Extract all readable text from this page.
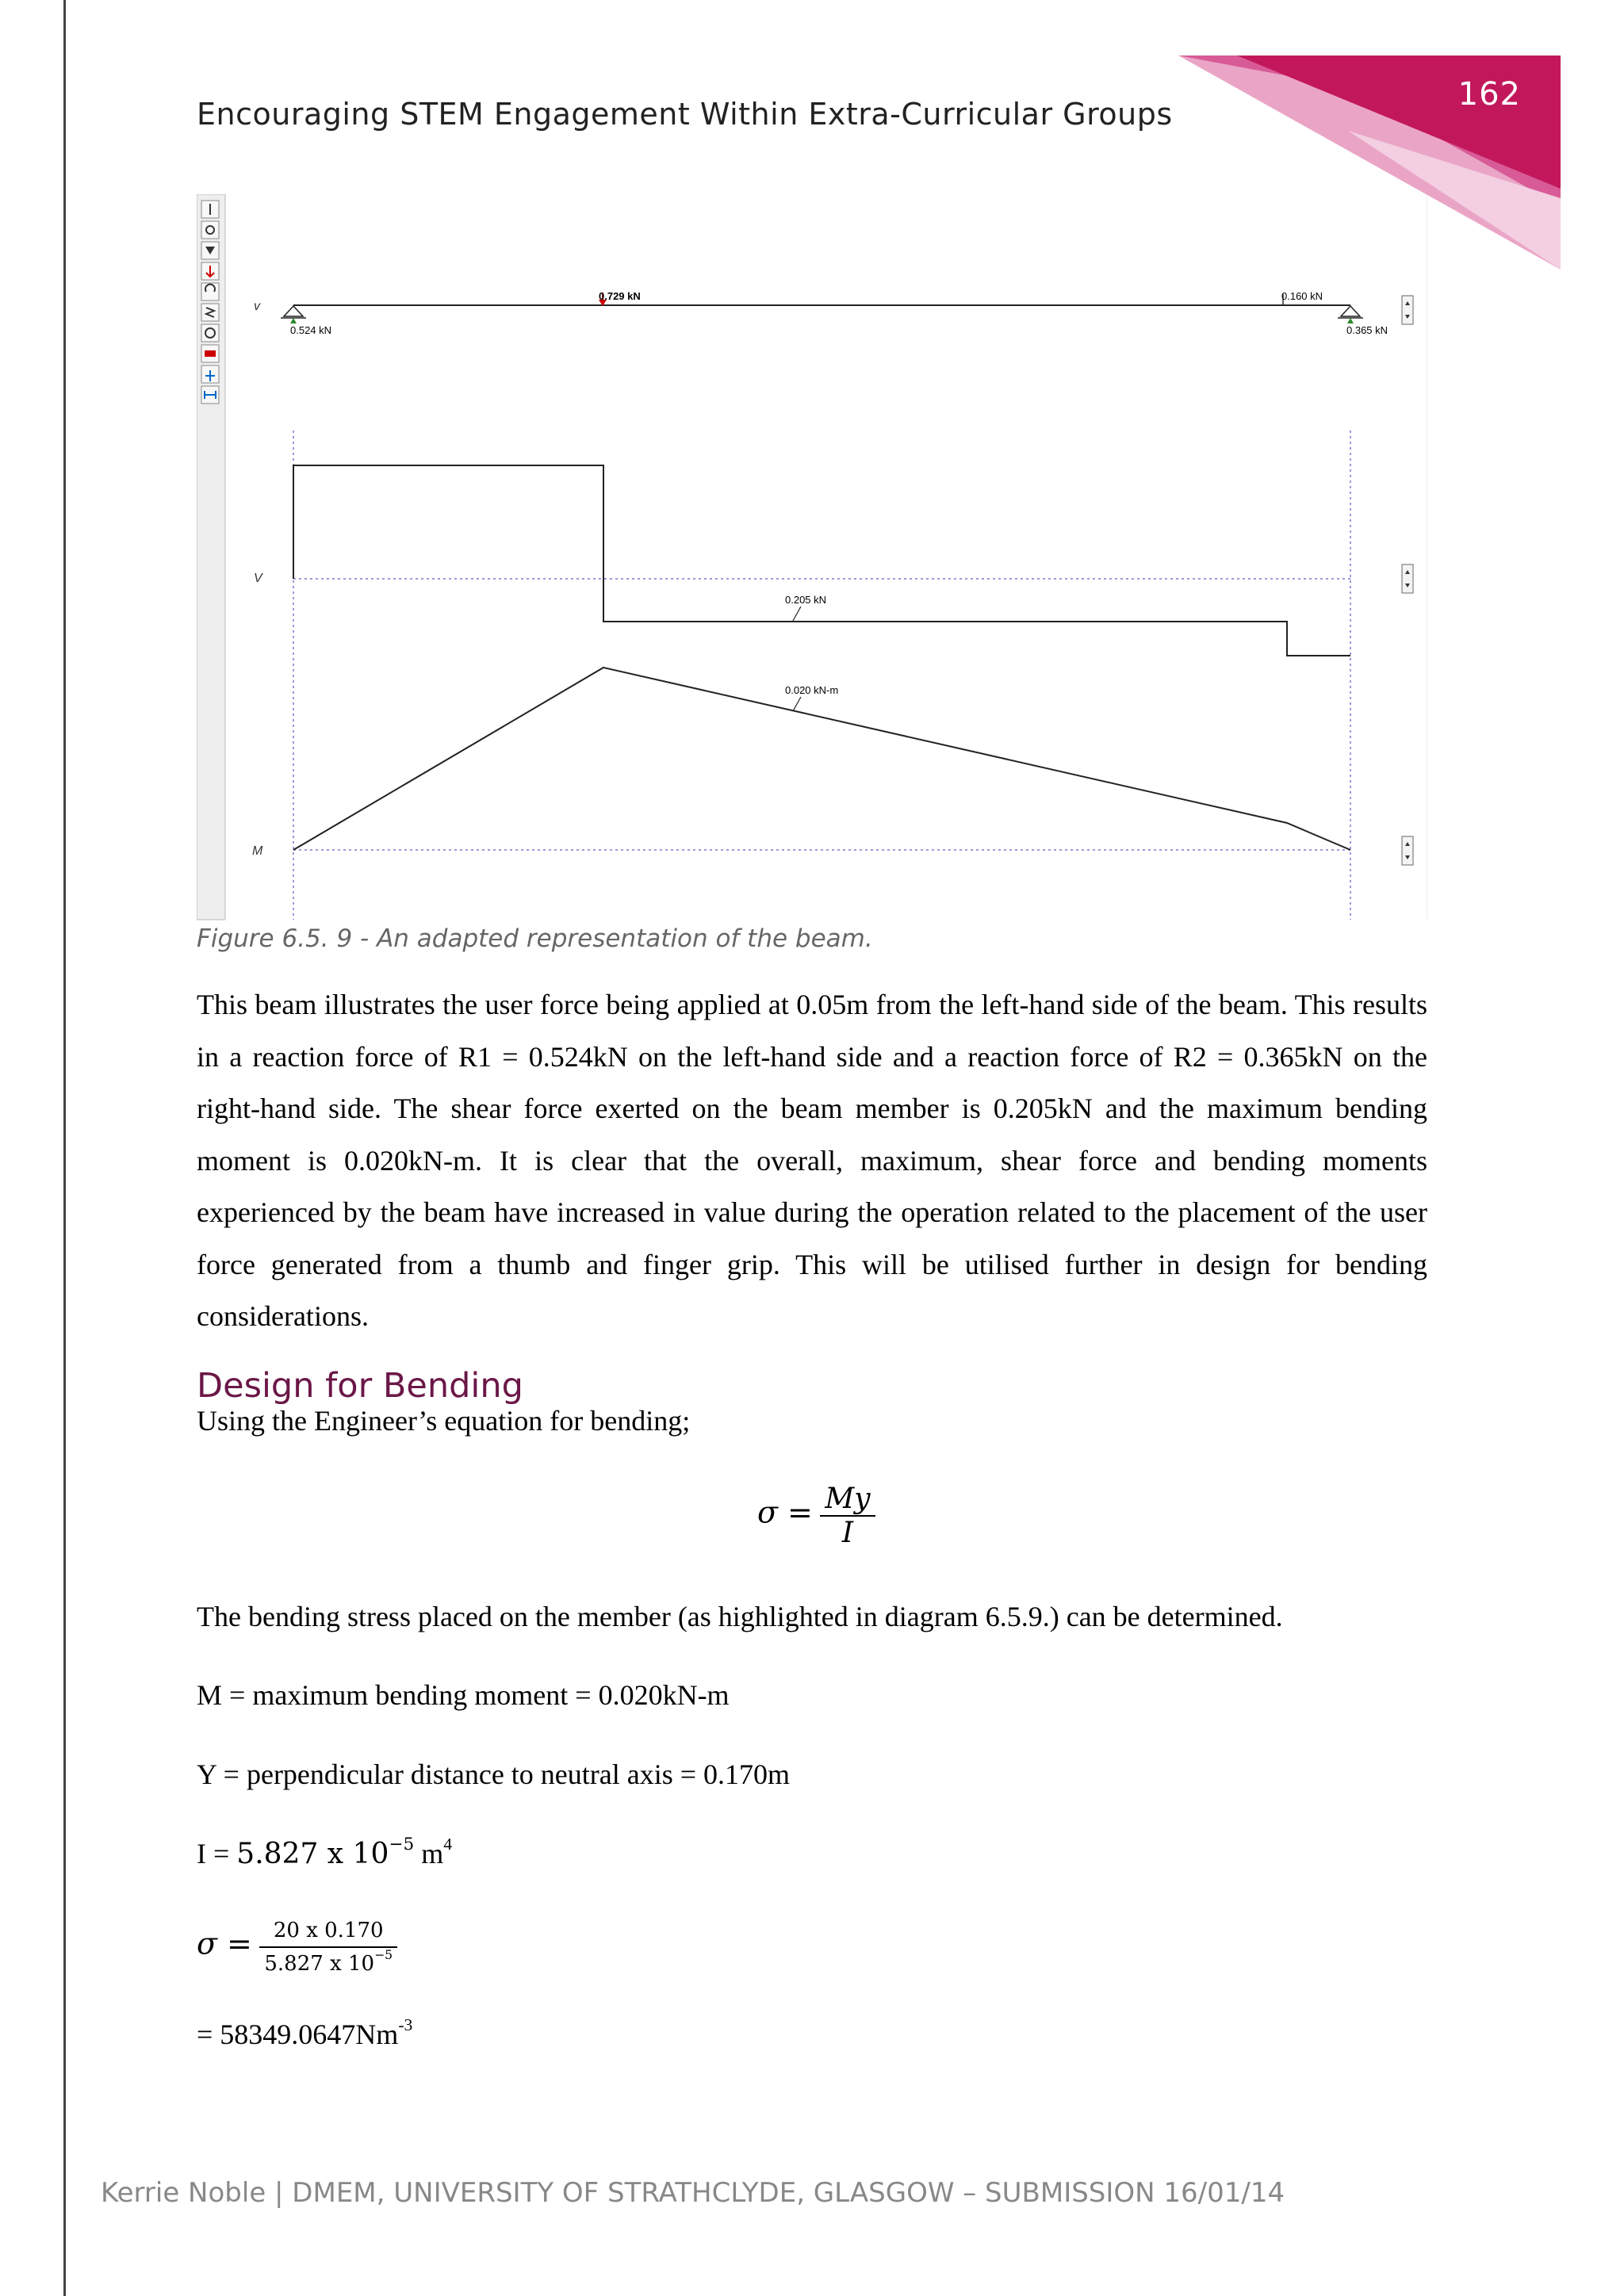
162
Encouraging STEM Engagement Within Extra-Curricular Groups
v
0.729 kN	0.160 kN
0.524 kN	0.365 kN
V
0.205 kN
M
0.020 kN-m
Figure 6.5. 9 - An adapted representation of the beam.
This beam illustrates the user force being applied at 0.05m from the left-hand side of the beam. This results in a reaction force of R1 = 0.524kN on the left-hand side and a reaction force of R2 = 0.365kN on the right-hand side. The shear force exerted on the beam member is 0.205kN and the maximum bending moment is 0.020kN-m. It is clear that the overall, maximum, shear force and bending moments experienced by the beam have increased in value during the operation related to the placement of the user force generated from a thumb and finger grip. This will be utilised further in design for bending considerations.
Design for Bending
Using the Engineer’s equation for bending;
$\sigma = \frac{My}{I}$
The bending stress placed on the member (as highlighted in diagram 6.5.9.) can be determined.
M = maximum bending moment = 0.020kN-m
Y = perpendicular distance to neutral axis = 0.170m
I = 5.827 x $10^{-5}$ $m^4$
$\sigma = \frac{20 x 0.170}{5.827 x 10^{-5}}$
= $58349.0647Nm^{-3}$
Kerrie Noble | DMEM, UNIVERSITY OF STRATHCLYDE, GLASGOW – SUBMISSION 16/01/14
